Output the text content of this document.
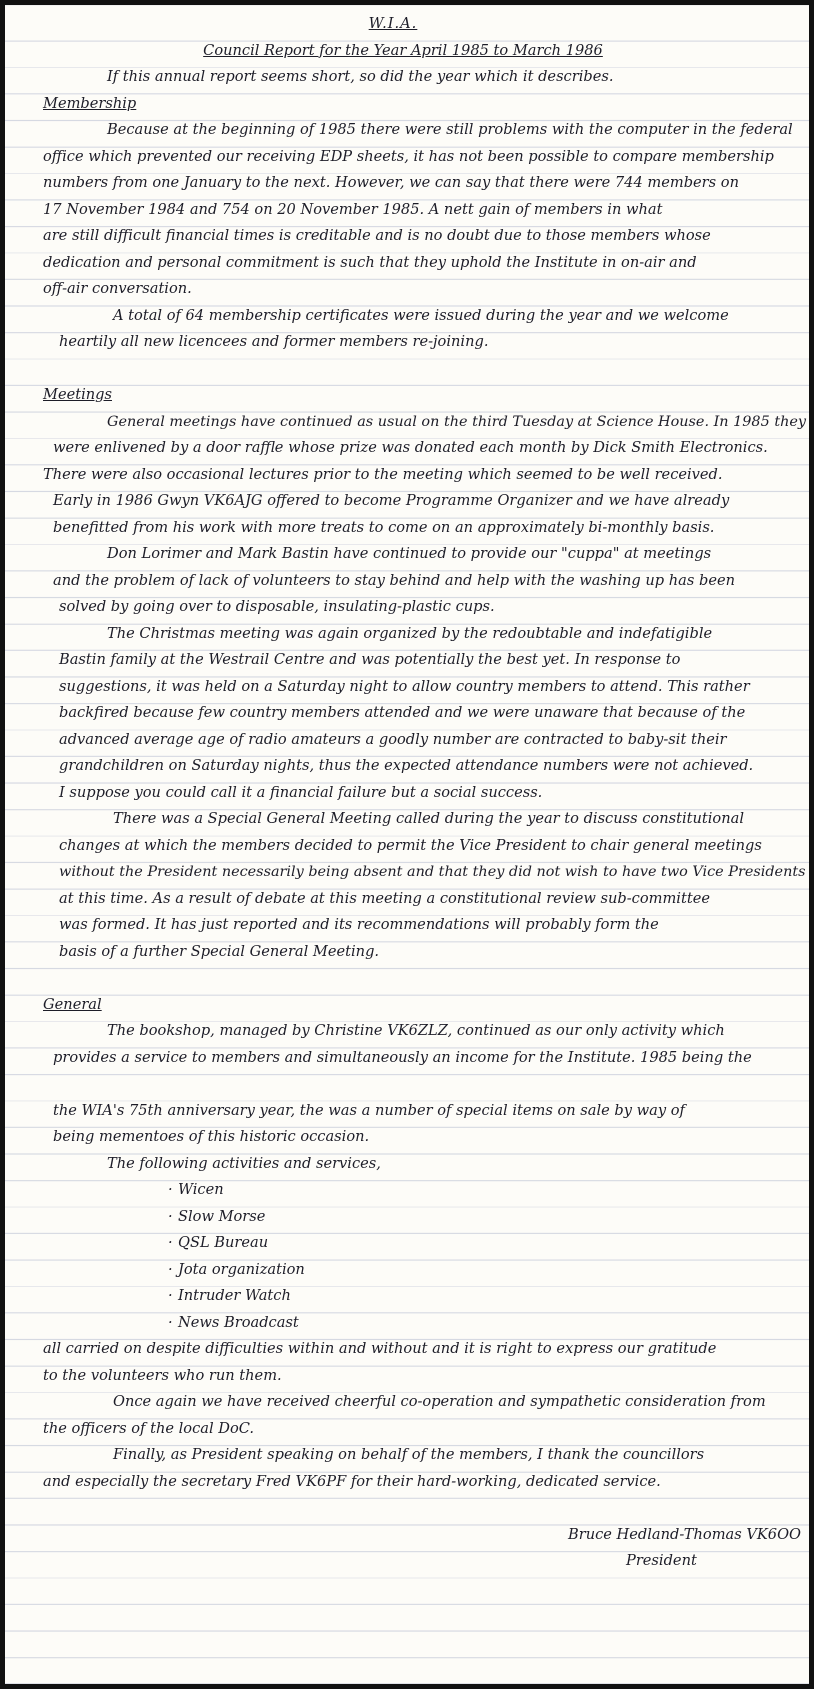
W.I.A.
Council Report for the Year April 1985 to March 1986
If this annual report seems short, so did the year which it describes.
Membership
Because at the beginning of 1985 there were still problems with the computer in the federal
office which prevented our receiving EDP sheets, it has not been possible to compare membership
numbers from one January to the next. However, we can say that there were 744 members on
17 November 1984 and 754 on 20 November 1985. A nett gain of members in what
are still difficult financial times is creditable and is no doubt due to those members whose
dedication and personal commitment is such that they uphold the Institute in on-air and
off-air conversation.
A total of 64 membership certificates were issued during the year and we welcome
heartily all new licencees and former members re-joining.
Meetings
General meetings have continued as usual on the third Tuesday at Science House. In 1985 they
were enlivened by a door raffle whose prize was donated each month by Dick Smith Electronics.
There were also occasional lectures prior to the meeting which seemed to be well received.
Early in 1986 Gwyn VK6AJG offered to become Programme Organizer and we have already
benefitted from his work with more treats to come on an approximately bi-monthly basis.
Don Lorimer and Mark Bastin have continued to provide our "cuppa" at meetings
and the problem of lack of volunteers to stay behind and help with the washing up has been
solved by going over to disposable, insulating-plastic cups.
The Christmas meeting was again organized by the redoubtable and indefatigible
Bastin family at the Westrail Centre and was potentially the best yet. In response to
suggestions, it was held on a Saturday night to allow country members to attend. This rather
backfired because few country members attended and we were unaware that because of the
advanced average age of radio amateurs a goodly number are contracted to baby-sit their
grandchildren on Saturday nights, thus the expected attendance numbers were not achieved.
I suppose you could call it a financial failure but a social success.
There was a Special General Meeting called during the year to discuss constitutional
changes at which the members decided to permit the Vice President to chair general meetings
without the President necessarily being absent and that they did not wish to have two Vice Presidents
at this time. As a result of debate at this meeting a constitutional review sub-committee
was formed. It has just reported and its recommendations will probably form the
basis of a further Special General Meeting.
General
The bookshop, managed by Christine VK6ZLZ, continued as our only activity which
provides a service to members and simultaneously an income for the Institute. 1985 being the
the WIA's 75th anniversary year, the was a number of special items on sale by way of
being mementoes of this historic occasion.
The following activities and services,
· Wicen
· Slow Morse
· QSL Bureau
· Jota organization
· Intruder Watch
· News Broadcast
all carried on despite difficulties within and without and it is right to express our gratitude
to the volunteers who run them.
Once again we have received cheerful co-operation and sympathetic consideration from
the officers of the local DoC.
Finally, as President speaking on behalf of the members, I thank the councillors
and especially the secretary Fred VK6PF for their hard-working, dedicated service.
Bruce Hedland-Thomas VK6OO
President
